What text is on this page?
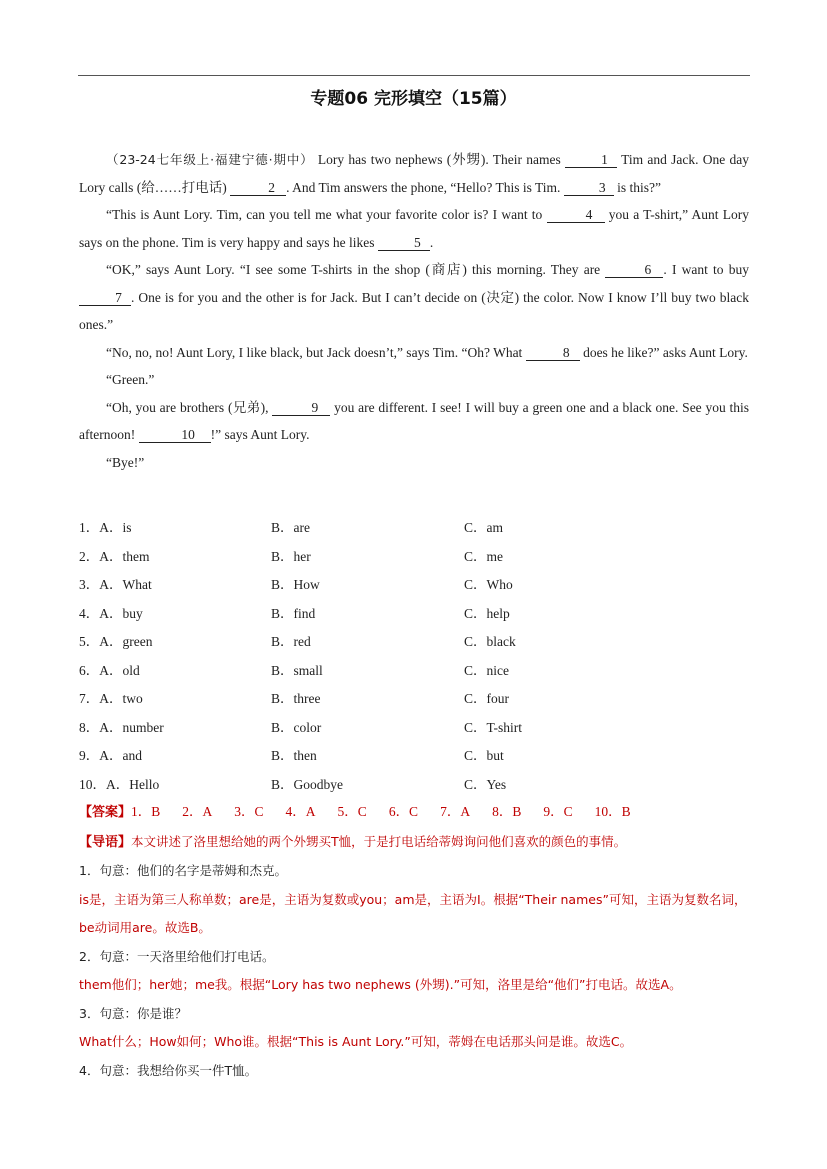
专题06 完形填空（15篇）

（23-24七年级上·福建宁德·期中） Lory has two nephews (外甥). Their names	1 Tim and Jack. One day Lory calls (给……打电话)	2 . And Tim answers the phone, “Hello? This is Tim.	3 is this?”

“This is Aunt Lory. Tim, can you tell me what your favorite color is? I want to	4 you a T-shirt,” Aunt Lory says on the phone. Tim is very happy and says he likes	5 .

“OK,” says Aunt Lory. “I see some T-shirts in the shop (商店) this morning. They are	6 . I want to buy 7 . One is for you and the other is for Jack. But I can’t decide on (决定) the color. Now I know I’ll buy two black ones.”

“No, no, no! Aunt Lory, I like black, but Jack doesn’t,” says Tim. “Oh? What	8 does he like?” asks Aunt Lory.

“Green.”

“Oh, you are brothers (兄弟),	9 you are different. I see! I will buy a green one and a black one. See you this afternoon!	10 !” says Aunt Lory.

“Bye!”

1．A．is	B．are	C．am
2．A．them	B．her	C．me
3．A．What	B．How	C．Who
4．A．buy	B．find	C．help
5．A．green	B．red	C．black
6．A．old	B．small	C．nice
7．A．two	B．three	C．four
8．A．number	B．color	C．T-shirt
9．A．and	B．then	C．but
10．A．Hello	B．Goodbye	C．Yes

【答案】1．B 2．A 3．C 4．A 5．C 6．C 7．A 8．B 9．C 10．B

【导语】本文讲述了洛里想给她的两个外甥买T恤，于是打电话给蒂姆询问他们喜欢的颜色的事情。

1．句意：他们的名字是蒂姆和杰克。

is是，主语为第三人称单数；are是，主语为复数或you；am是，主语为I。根据“Their names”可知，主语为复数名词，be动词用are。故选B。

2．句意：一天洛里给他们打电话。

them他们；her她；me我。根据“Lory has two nephews (外甥).”可知，洛里是给“他们”打电话。故选A。

3．句意：你是谁？

What什么；How如何；Who谁。根据“This is Aunt Lory.”可知，蒂姆在电话那头问是谁。故选C。

4．句意：我想给你买一件T恤。
